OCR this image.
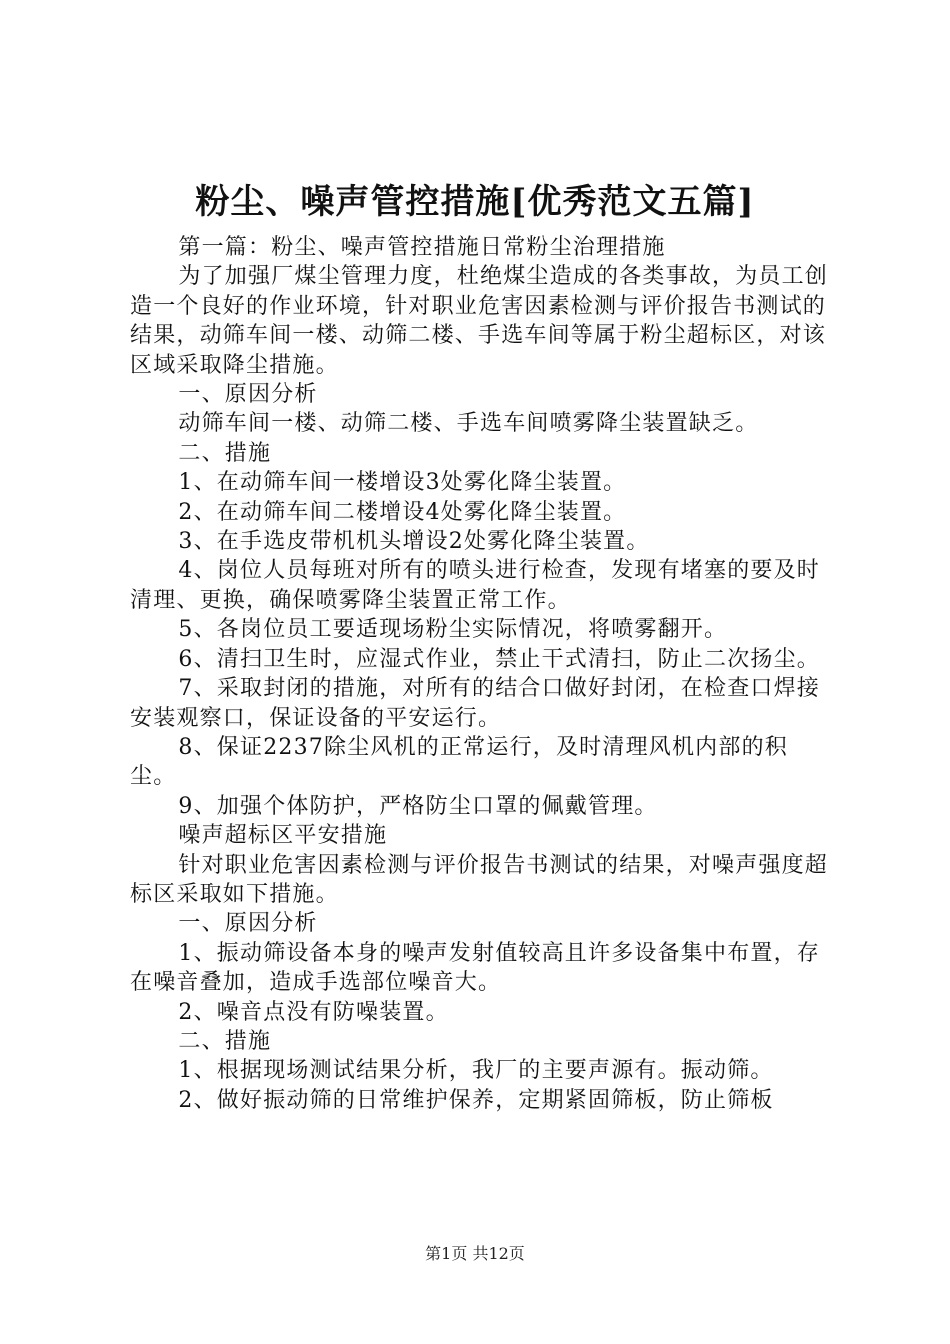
粉尘、噪声管控措施[优秀范文五篇]

第一篇：粉尘、噪声管控措施日常粉尘治理措施

为了加强厂煤尘管理力度，杜绝煤尘造成的各类事故，为员工创造一个良好的作业环境，针对职业危害因素检测与评价报告书测试的结果，动筛车间一楼、动筛二楼、手选车间等属于粉尘超标区，对该区域采取降尘措施。

一、原因分析

动筛车间一楼、动筛二楼、手选车间喷雾降尘装置缺乏。

二、措施

1、在动筛车间一楼增设3处雾化降尘装置。

2、在动筛车间二楼增设4处雾化降尘装置。

3、在手选皮带机机头增设2处雾化降尘装置。

4、岗位人员每班对所有的喷头进行检查，发现有堵塞的要及时清理、更换，确保喷雾降尘装置正常工作。

5、各岗位员工要适现场粉尘实际情况，将喷雾翻开。

6、清扫卫生时，应湿式作业，禁止干式清扫，防止二次扬尘。

7、采取封闭的措施，对所有的结合口做好封闭，在检查口焊接安装观察口，保证设备的平安运行。

8、保证2237除尘风机的正常运行，及时清理风机内部的积尘。

9、加强个体防护，严格防尘口罩的佩戴管理。

噪声超标区平安措施

针对职业危害因素检测与评价报告书测试的结果，对噪声强度超标区采取如下措施。

一、原因分析

1、振动筛设备本身的噪声发射值较高且许多设备集中布置，存在噪音叠加，造成手选部位噪音大。

2、噪音点没有防噪装置。

二、措施

1、根据现场测试结果分析，我厂的主要声源有。振动筛。

2、做好振动筛的日常维护保养，定期紧固筛板，防止筛板

第1页 共12页
